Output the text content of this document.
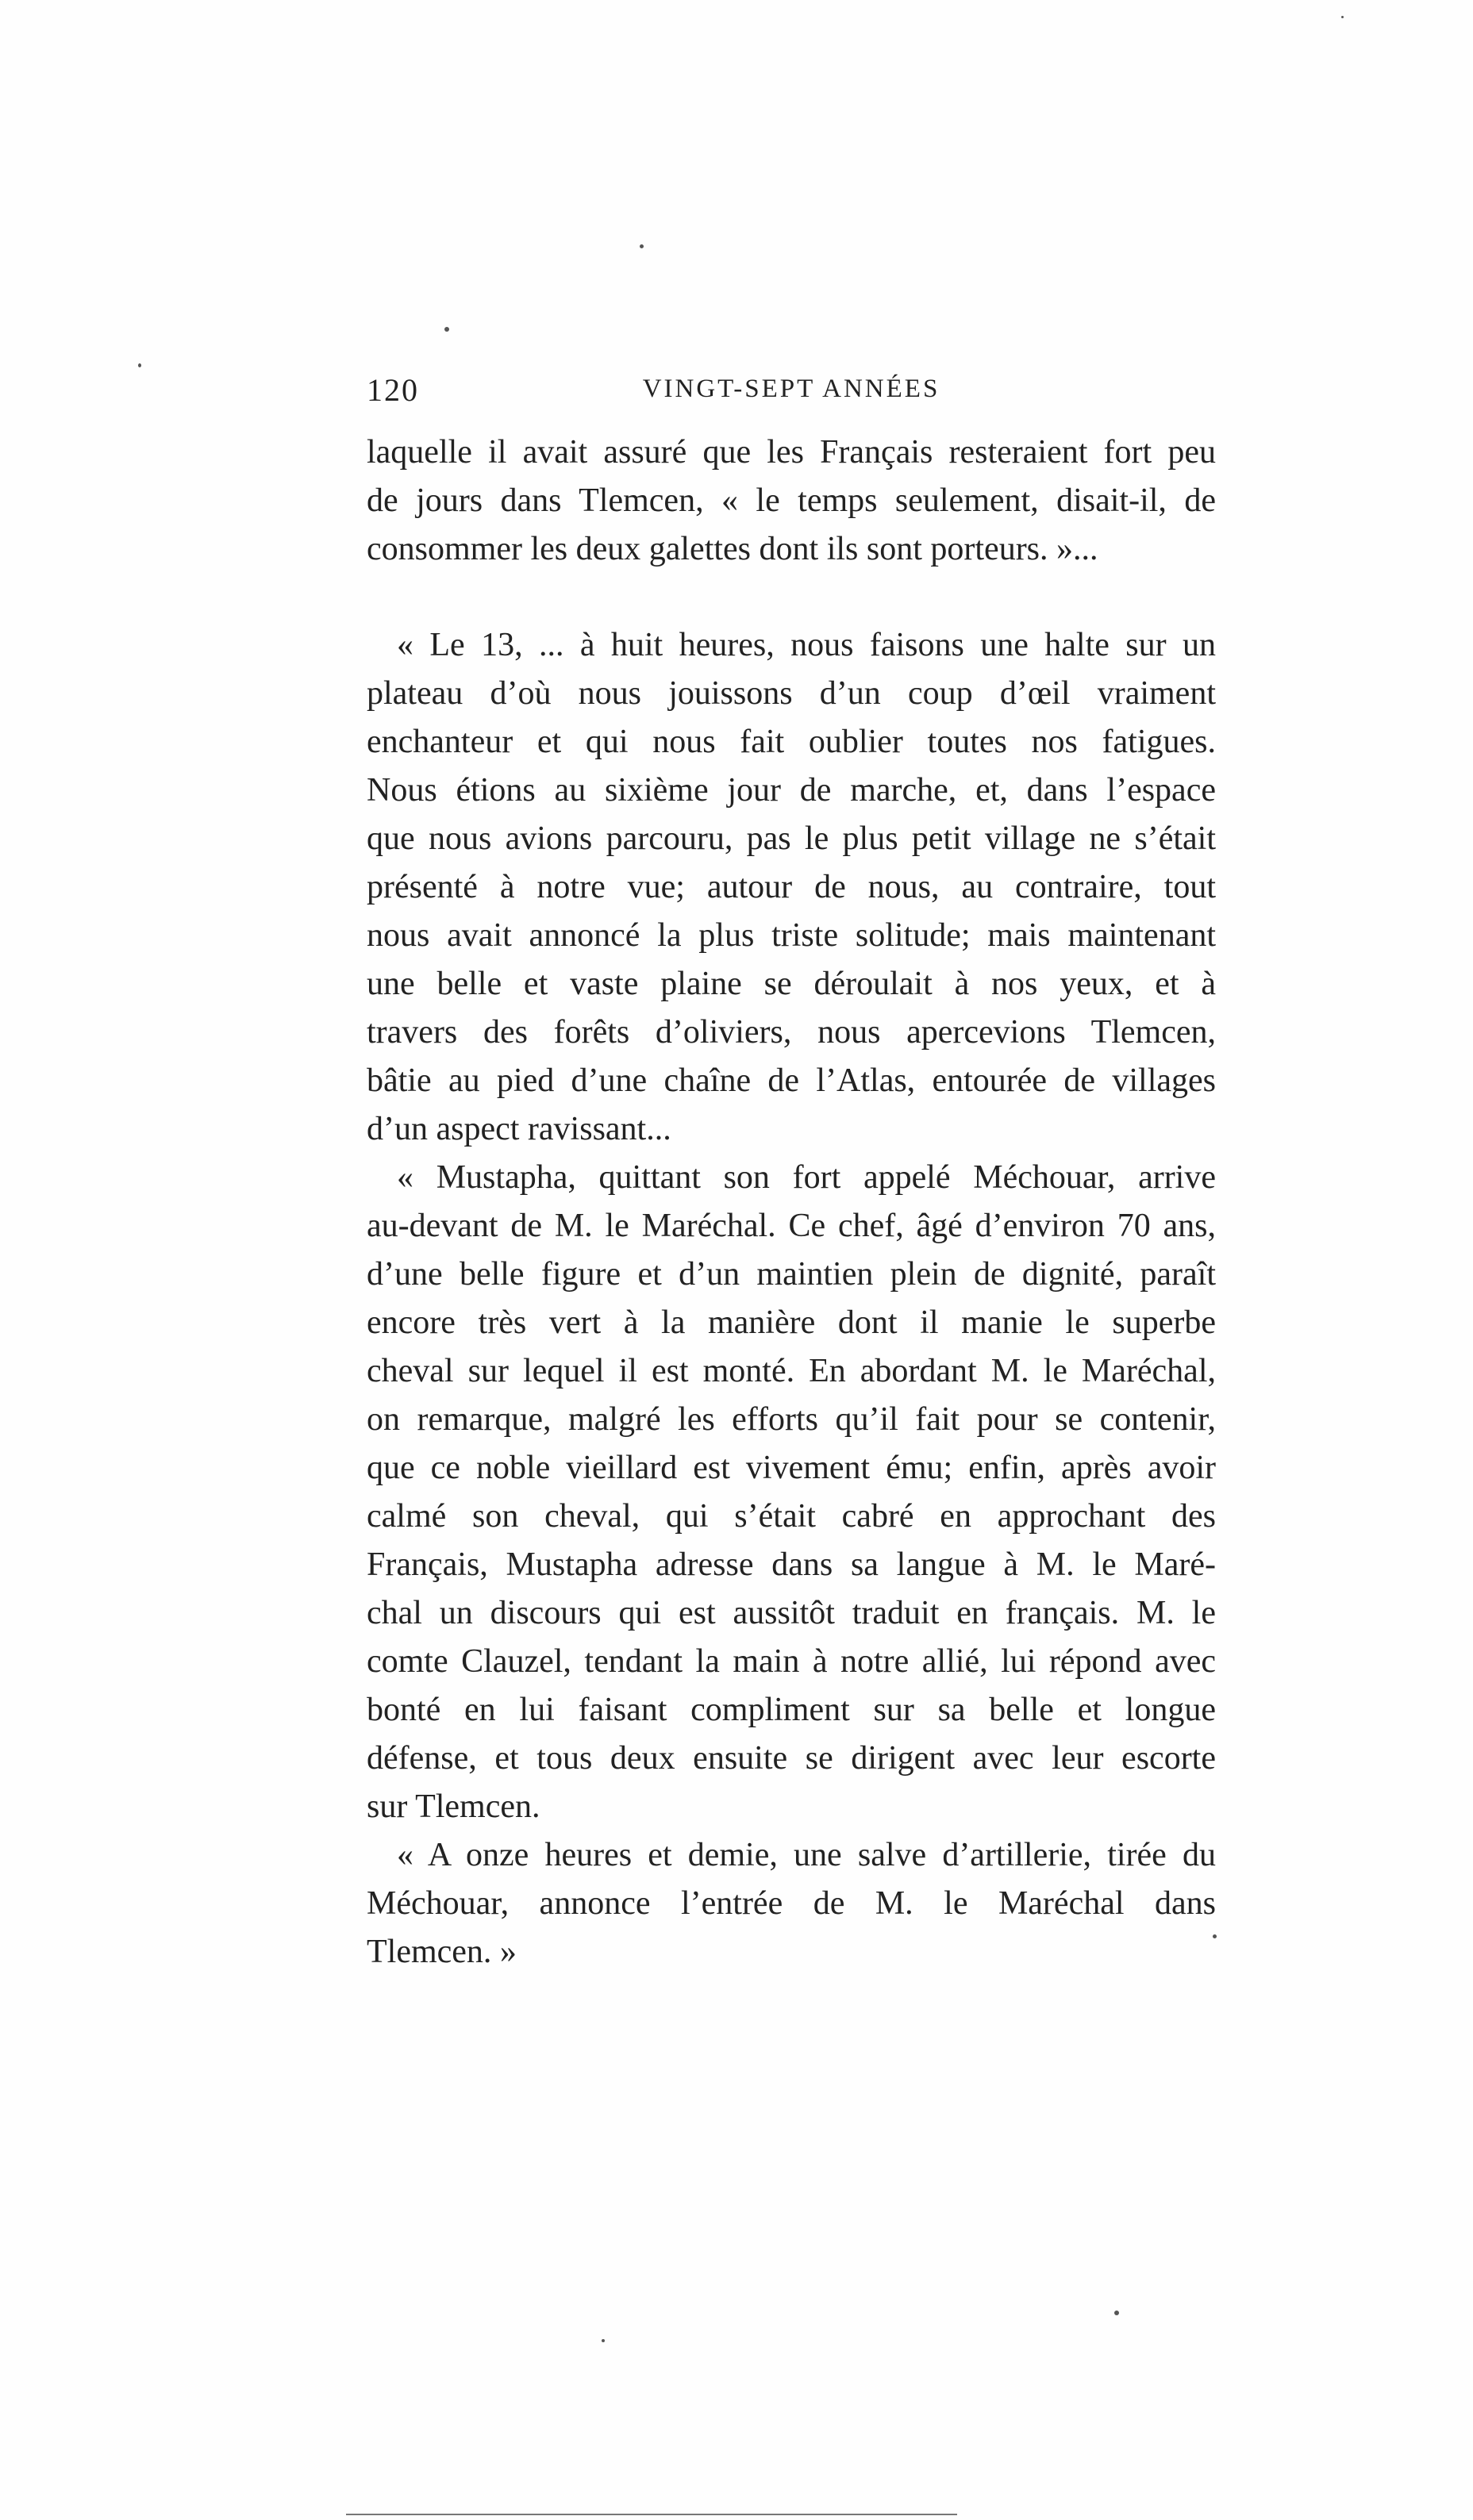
120	VINGT-SEPT ANNÉES
laquelle il avait assuré que les Français resteraient fort peu
de jours dans Tlemcen, « le temps seulement, disait-il, de
consommer les deux galettes dont ils sont porteurs. »...
« Le 13, ... à huit heures, nous faisons une halte sur un
plateau d’où nous jouissons d’un coup d’œil vraiment
enchanteur et qui nous fait oublier toutes nos fatigues.
Nous étions au sixième jour de marche, et, dans l’espace
que nous avions parcouru, pas le plus petit village ne s’était
présenté à notre vue; autour de nous, au contraire, tout
nous avait annoncé la plus triste solitude; mais maintenant
une belle et vaste plaine se déroulait à nos yeux, et à
travers des forêts d’oliviers, nous apercevions Tlemcen,
bâtie au pied d’une chaîne de l’Atlas, entourée de villages
d’un aspect ravissant...
« Mustapha, quittant son fort appelé Méchouar, arrive
au-devant de M. le Maréchal. Ce chef, âgé d’environ 70 ans,
d’une belle figure et d’un maintien plein de dignité, paraît
encore très vert à la manière dont il manie le superbe
cheval sur lequel il est monté. En abordant M. le Maréchal,
on remarque, malgré les efforts qu’il fait pour se contenir,
que ce noble vieillard est vivement ému; enfin, après avoir
calmé son cheval, qui s’était cabré en approchant des
Français, Mustapha adresse dans sa langue à M. le Maré-
chal un discours qui est aussitôt traduit en français. M. le
comte Clauzel, tendant la main à notre allié, lui répond avec
bonté en lui faisant compliment sur sa belle et longue
défense, et tous deux ensuite se dirigent avec leur escorte
sur Tlemcen.
« A onze heures et demie, une salve d’artillerie, tirée du
Méchouar, annonce l’entrée de M. le Maréchal dans
Tlemcen. »
